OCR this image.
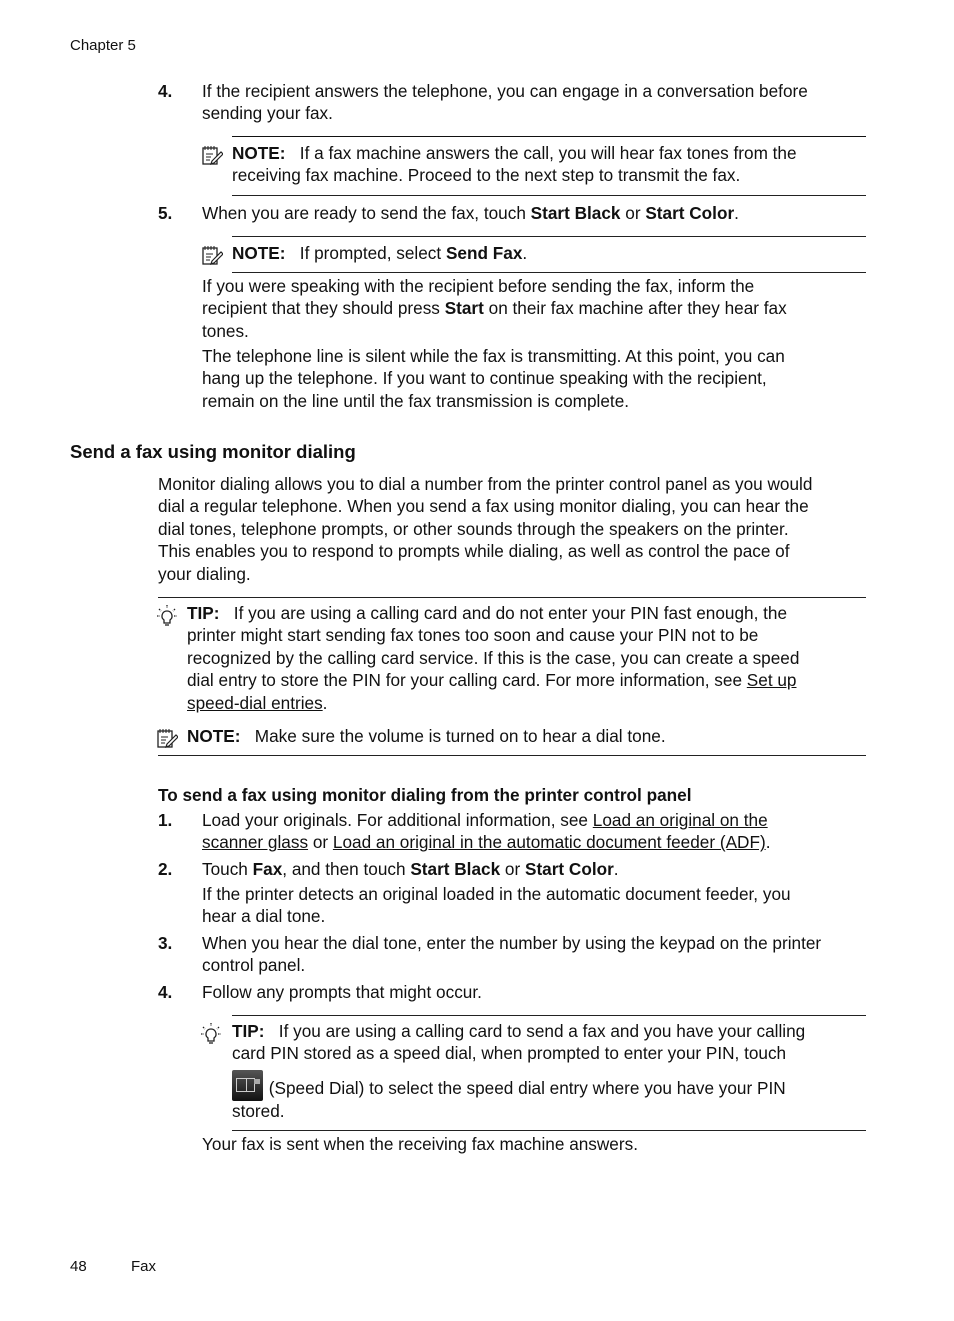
Chapter 5
4. If the recipient answers the telephone, you can engage in a conversation before
sending your fax.
NOTE:   If a fax machine answers the call, you will hear fax tones from the
receiving fax machine. Proceed to the next step to transmit the fax.
5. When you are ready to send the fax, touch Start Black or Start Color.
NOTE:   If prompted, select Send Fax.
If you were speaking with the recipient before sending the fax, inform the
recipient that they should press Start on their fax machine after they hear fax
tones.
The telephone line is silent while the fax is transmitting. At this point, you can
hang up the telephone. If you want to continue speaking with the recipient,
remain on the line until the fax transmission is complete.
Send a fax using monitor dialing
Monitor dialing allows you to dial a number from the printer control panel as you would
dial a regular telephone. When you send a fax using monitor dialing, you can hear the
dial tones, telephone prompts, or other sounds through the speakers on the printer.
This enables you to respond to prompts while dialing, as well as control the pace of
your dialing.
TIP:   If you are using a calling card and do not enter your PIN fast enough, the
printer might start sending fax tones too soon and cause your PIN not to be
recognized by the calling card service. If this is the case, you can create a speed
dial entry to store the PIN for your calling card. For more information, see Set up
speed-dial entries.
NOTE:   Make sure the volume is turned on to hear a dial tone.
To send a fax using monitor dialing from the printer control panel
1. Load your originals. For additional information, see Load an original on the
scanner glass or Load an original in the automatic document feeder (ADF).
2. Touch Fax, and then touch Start Black or Start Color.
If the printer detects an original loaded in the automatic document feeder, you
hear a dial tone.
3. When you hear the dial tone, enter the number by using the keypad on the printer
control panel.
4. Follow any prompts that might occur.
TIP:   If you are using a calling card to send a fax and you have your calling
card PIN stored as a speed dial, when prompted to enter your PIN, touch
(Speed Dial) to select the speed dial entry where you have your PIN
stored.
Your fax is sent when the receiving fax machine answers.
48	Fax
